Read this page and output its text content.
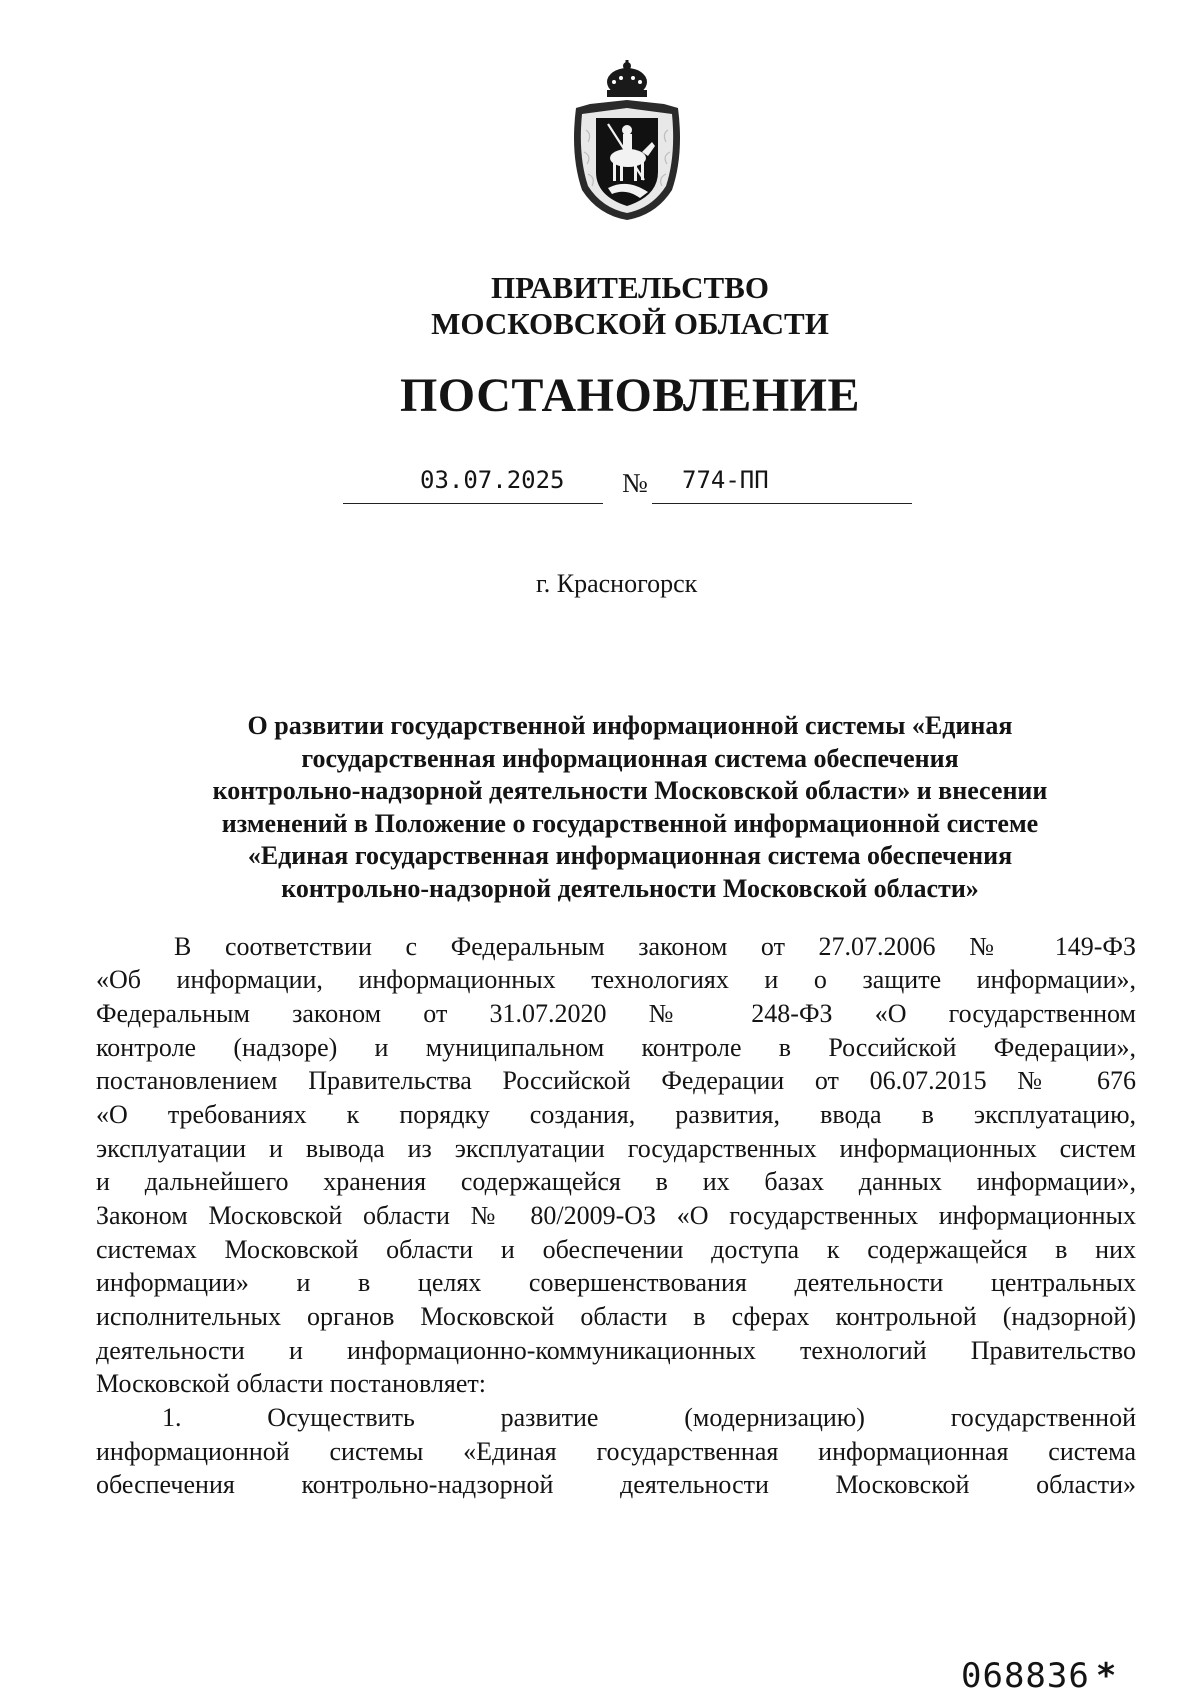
ПРАВИТЕЛЬСТВО
МОСКОВСКОЙ ОБЛАСТИ
ПОСТАНОВЛЕНИЕ
03.07.2025 № 774-ПП
г. Красногорск
О развитии государственной информационной системы «Единая
государственная информационная система обеспечения
контрольно-надзорной деятельности Московской области» и внесении
изменений в Положение о государственной информационной системе
«Единая государственная информационная система обеспечения
контрольно-надзорной деятельности Московской области»
В соответствии с Федеральным законом от 27.07.2006 № 149-ФЗ
«Об информации, информационных технологиях и о защите информации»,
Федеральным законом от 31.07.2020 № 248-ФЗ «О государственном
контроле (надзоре) и муниципальном контроле в Российской Федерации»,
постановлением Правительства Российской Федерации от 06.07.2015 № 676
«О требованиях к порядку создания, развития, ввода в эксплуатацию,
эксплуатации и вывода из эксплуатации государственных информационных систем
и дальнейшего хранения содержащейся в их базах данных информации»,
Законом Московской области № 80/2009-ОЗ «О государственных информационных
системах Московской области и обеспечении доступа к содержащейся в них
информации» и в целях совершенствования деятельности центральных
исполнительных органов Московской области в сферах контрольной (надзорной)
деятельности и информационно-коммуникационных технологий Правительство
Московской области постановляет:
1. Осуществить развитие (модернизацию) государственной
информационной системы «Единая государственная информационная система
обеспечения контрольно-надзорной деятельности Московской области»
068836 *
